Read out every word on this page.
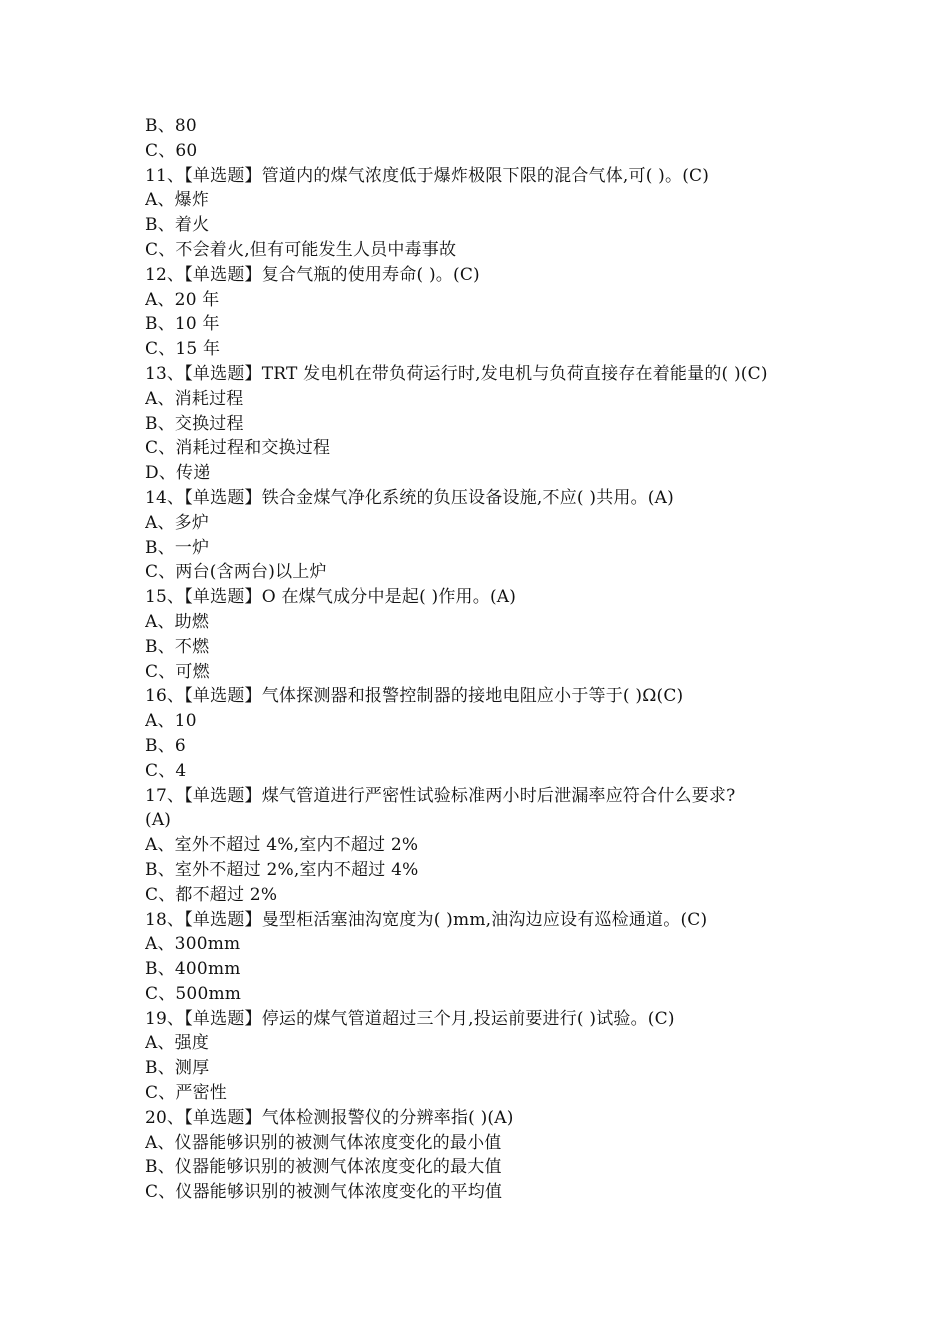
B、80
C、60
11、【单选题】管道内的煤气浓度低于爆炸极限下限的混合气体,可( )。(C)
A、爆炸
B、着火
C、不会着火,但有可能发生人员中毒事故
12、【单选题】复合气瓶的使用寿命( )。(C)
A、20 年
B、10 年
C、15 年
13、【单选题】TRT 发电机在带负荷运行时,发电机与负荷直接存在着能量的( )(C)
A、消耗过程
B、交换过程
C、消耗过程和交换过程
D、传递
14、【单选题】铁合金煤气净化系统的负压设备设施,不应( )共用。(A)
A、多炉
B、一炉
C、两台(含两台)以上炉
15、【单选题】O 在煤气成分中是起( )作用。(A)
A、助燃
B、不燃
C、可燃
16、【单选题】气体探测器和报警控制器的接地电阻应小于等于( )Ω(C)
A、10
B、6
C、4
17、【单选题】煤气管道进行严密性试验标准两小时后泄漏率应符合什么要求?
(A)
A、室外不超过 4%,室内不超过 2%
B、室外不超过 2%,室内不超过 4%
C、都不超过 2%
18、【单选题】曼型柜活塞油沟宽度为( )mm,油沟边应设有巡检通道。(C)
A、300mm
B、400mm
C、500mm
19、【单选题】停运的煤气管道超过三个月,投运前要进行( )试验。(C)
A、强度
B、测厚
C、严密性
20、【单选题】气体检测报警仪的分辨率指( )(A)
A、仪器能够识别的被测气体浓度变化的最小值
B、仪器能够识别的被测气体浓度变化的最大值
C、仪器能够识别的被测气体浓度变化的平均值
